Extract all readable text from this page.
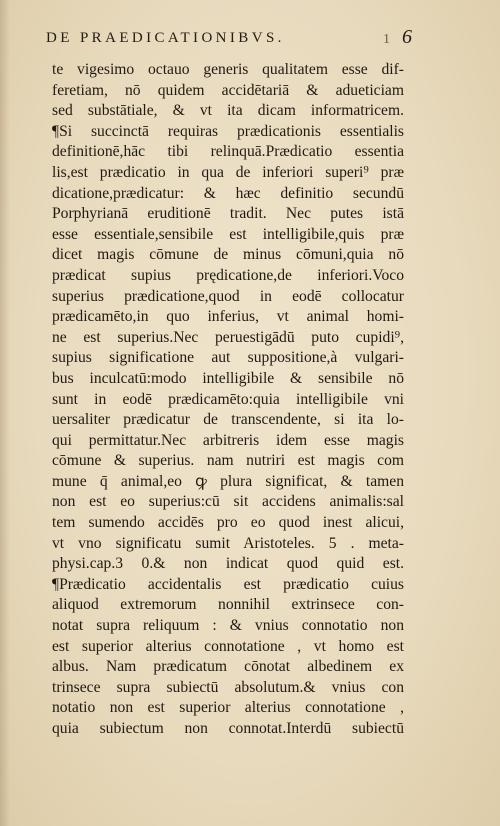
DE PRAEDICATIONIBVS.	1 6
te vigesimo octauo generis qualitatem esse dif-
feretiam, nō quidem accidētariā & adueticiam
sed substātiale, & vt ita dicam informatricem.
¶Si succinctā requiras prædicationis essentialis
definitionē,hāc tibi relinquā.Prædicatio essentia
lis,est prædicatio in qua de inferiori superi⁹ præ
dicatione,prædicatur: & hæc definitio secundū
Porphyrianā eruditionē tradit. Nec putes istā
esse essentiale,sensibile est intelligibile,quis præ
dicet magis cōmune de minus cōmuni,quia nō
prædicat supius prędicatione,de inferiori.Voco
superius prædicatione,quod in eodē collocatur
prædicamēto,in quo inferius, vt animal homi-
ne est superius.Nec peruestigādū puto cupidi⁹,
supius significatione aut suppositione,à vulgari-
bus inculcatū:modo intelligibile & sensibile nō
sunt in eodē prædicamēto:quia intelligibile vni
uersaliter prædicatur de transcendente, si ita lo-
qui permittatur.Nec arbitreris idem esse magis
cōmune & superius. nam nutriri est magis com
mune q̄ animal,eo ꝙ plura significat, & tamen
non est eo superius:cū sit accidens animalis:sal
tem sumendo accidēs pro eo quod inest alicui,
vt vno significatu sumit Aristoteles. 5 . meta-
physi.cap.3 0.& non indicat quod quid est.
¶Prædicatio accidentalis est prædicatio cuius
aliquod extremorum nonnihil extrinsece con-
notat supra reliquum : & vnius connotatio non
est superior alterius connotatione , vt homo est
albus. Nam prædicatum cōnotat albedinem ex
trinsece supra subiectū absolutum.& vnius con
notatio non est superior alterius connotatione ,
quia subiectum non connotat.Interdū subiectū
